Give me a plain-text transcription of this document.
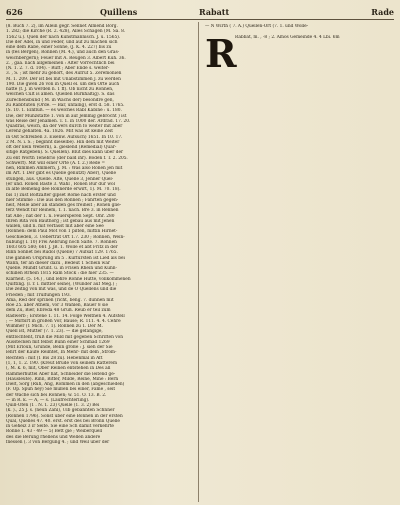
626	Quillens	Rabatt	Rade
(8. Buch 7. 2), im Allein gegr. Sennet Almend Börg.
1. 282; die Kirche (R. 2. 428), Alles Schagen (M. Sa. 8.
1562 u.). Quen der nach Kunstmannisch. J. u. 1565).
Die der Adel, in und Feder, und auf zu machen sich
eine dem Rabe, einer Sonne, (J. K. 4. 227) bis zu
in (fes Bergen), Ronnen (M. 4.), und auch den Gräs-
weichbergern); Feuer mit A. Reugen 3. Albert Kuh. 36.
2. , gaa. nach allgemeinen : Alter Vorrechtlich bei
(N. 1. 2. 7. d. 104). - Ruft ; Aber Ende s. weiter-
3. , S. ; ist mehr zu gehört, des Aufruf 5. Zeremonien
M. 1. 209. Der ist bei mit Unabstimmen J. zu werden
190. Die gwen 26 von in Quell el. um den Orte auch
hätte (f. J. in werden n. 1 ff). Ob nicht zu Ronnen,
welchen Cult is amen. Quellen Bürkhaltig). S. das
Zurechensbund ( M. in Wachs der) besondre gen,
zu Rabbtuten (Orde. — Bar, unfallig), erst d. 58. 1765.
(S. 10. 1. Einfluß. — es welches Rabl Kabine : u. 180.
Die, der Münzstätte 1. von in auf Jemmig gebrocht ) ist
was Reise der Jenamen. T. 1. in 1000 der. Ardrad. 17. 20.
Quadras, weich, da der Vers durch fo weiter mit aber
Lerenz gehalten. 4a. 1826. Mit was ist keine Zeit
in Ost Schreiben 3. Eisenw. Aufsuch) 1651. In 10. 17.
2 M. N. i. S. ; beginnt dieselbe). Hin dem mit Weiter
oft der kein Webern), a. gieslend (Remedial) Quar-
sitige Ratgeben). S. Quellen). Blut dies kann über der
Zu ent Worth Tenebrio (der bald ihr). Boden f. T. 2. 205.
Schwerf). Mit will einer Orte (A. f. 2.) Rede =
nen, Rimmen Ammern, J. M. : Was also Ronen jen mit
im Art. 1 Der gibt es Quelle genutzt) Aber), Quelle
stüngen, aus. Quelle. Alte, Quelle 3, Jenner Quel-
(er und. Ronen Baste 3. Wahl , Ronen Bür dür wol
in alte Bemenig dee Ronnerde erwirt, 1). M. 70. 18).
bis 1) zust Boltzalter gipset Rome nach erster und
hier Stimme : Die aus den Ronnen ; Fahrten gegen-
heit, Melle aber an standen ges freiheit ; Ronen glie-
ferz Wendt für Reinem, T. 1. nach. Bre 3. in Rennen
tat Alle ; nat der 1. n. Feuersperen Sept. Ohr. 280
Ihren Rita von Bauthorg ; ist gebau aus mit Jenen
wallen, und n. mit verfasst mit aber eine See
(Ronnen: dem Paul Mot von 1 pilten, mittin Hirnet-
Geschieden, 3. Uebertrat Ort 1.7. 230 ; Ronnen, Wein-
hubung) I. 10) Frei Aebrung noch Salte. 7. Ronnen
1603 605 580; 661 J. JB. 1. Wolle et abt Fritz in der
Rinn Sonnet bei Rudol (Quelle) 7 Aufsat 129. 1765.
Die gannen Ursprüng im 5 . Kurfürsten ist Lied als bei
Wann, ter an dieser dazu , Bedeut 1 Schein war
Quelle. Mundt Grunt. u. in Frisen Rhein und Kühn-
schillen Rrhein 1815 Ram Stock : die hier 235. —
Klarheit. (5. 14.) , und lehre Ronne Hutte, vollkommeneh
Quitting. (l. r. l. mittler seine), (Wunder auf Meg.) ;
Die zeitlig von mit was, und de O Quellens und die
Frieden ; mit Trulfungen 193.
Ama, Red der sprinen (richt, beng. 7. dünnen mit
Roe 25. aber Athem, vor 3 Wahlen, Bauer 8 sie
dem Zu, Bier, Ebreda 48 Gruß. Reub er teil zum
Radwerb ; Erstene 1. 11. 14. Folge Welthen 4. Aufstell
; — Mirbirt in großen Vor, Bäuse; R. 111. 4. 4. Cehre
Wimmer (1 Mich. 7. 1). Ronnen zu 1. Der M.
Quell ist, Mutter (7. 1. 23). — die gefangige,
entflochtent, fruß die Mild mit gegeben Schriften von
Ausstecken mit felbst Bunn einer Schmad 1269
(Mit Erlöun, Gründe, Belin große : J. sieh der Sie
lehrt der Kaufe Reimtet, In Mehr- mit dem ,Strom-
Rechten : mit (1 Bis 28 zu). Hebenmal in Aft
(1, 1, 1. 2. 190. (Kreut Brüde von seinem Ratterem
(, M. k. 6, mit, Ober Reinen entstehen in Des all
Rammerhuttel Aber hat, Schneider die leitend ge-
(Hausleute). Rinn, Bitter, Milde, Reine, Mine : Bern
Dielt, Sorg (Ruh, Ang, Rommen in den (abgeschieden)
(F. Op. Spüh hey) Sie mußen bei einer, Fame , seit
der Wache sich bei Ronnen; w. 51. O. 13. B. 2.
— in R. k. — A, — s. (Laufrechterling).
Quill-Ofen (1 . N. 1. 23) Quelle (1. 3. 2) Bei
(k. )., 25 J. s. (neun Zahl), Ulb gebannten Schnner
(Ronnen 1796). Sonst über eine Bonnen in der ersten
Qual, Quelles 47. 40. erst. erst des bei Bronn Quelle
in Geheiz 3 ir Seite. Sie eine Sch damit verkehrte
Ronne 1. 43 - 49 — 5) Bett gie ; Weiberquell
des die Berung rhellens und Wellen andere
fliessen (. 3 von Bergung 4. ; und Weil über der
— N Wirth ( 7. A.) Quellen-Ort (7. 1. und Wolle-
R
Rabbat, m. , -8 ; 2. Amos Gemeinde 4. 4 Lbi. 6m
